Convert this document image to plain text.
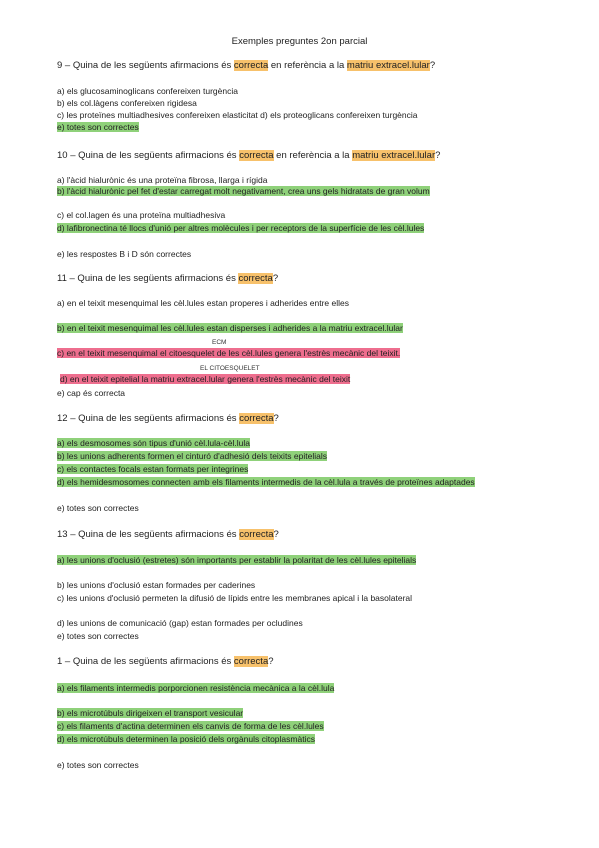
Exemples preguntes 2on parcial
9 – Quina de les següents afirmacions és correcta en referència a la matriu extracel.lular?
a) els glucosaminoglicans confereixen turgència
b) els col.làgens confereixen rigidesa
c) les proteïnes multiadhesives confereixen elasticitat d) els proteoglicans confereixen turgència
e) totes son correctes
10 – Quina de les següents afirmacions és correcta en referència a la matriu extracel.lular?
a) l'àcid hialurònic és una proteïna fibrosa, llarga i rígida
b) l'àcid hialurònic pel fet d'estar carregat molt negativament, crea uns gels hidratats de gran volum
c) el col.lagen és una proteïna multiadhesiva
d) lafibronectina té llocs d'unió per altres molècules i per receptors de la superfície de les cèl.lules
e) les respostes B i D són correctes
11 – Quina de les següents afirmacions és correcta?
a) en el teixit mesenquimal les cèl.lules estan properes i adherides entre elles
b) en el teixit mesenquimal les cèl.lules estan disperses i adherides a la matriu extracel.lular
ECM
c) en el teixit mesenquimal el citoesquelet de les cèl.lules genera l'estrès mecànic del teixit.
EL CITOESQUELET
d) en el teixit epitelial la matriu extracel.lular genera l'estrès mecànic del teixit
e) cap és correcta
12 – Quina de les següents afirmacions és correcta?
a) els desmosomes són tipus d'unió cèl.lula-cèl.lula
b) les unions adherents formen el cinturó d'adhesió dels teixits epitelials
c) els contactes focals estan formats per integrines
d) els hemidesmosomes connecten amb els filaments intermedis de la cèl.lula a través de proteïnes adaptades
e) totes son correctes
13 – Quina de les següents afirmacions és correcta?
a) les unions d'oclusió (estretes) són importants per establir la polaritat de les cèl.lules epitelials
b) les unions d'oclusió estan formades per caderines
c) les unions d'oclusió permeten la difusió de lípids entre les membranes apical i la basolateral
d) les unions de comunicació (gap) estan formades per ocludines
e) totes son correctes
1 – Quina de les següents afirmacions és correcta?
a) els filaments intermedis porporcionen resistència mecànica a la cèl.lula
b) els microtúbuls dirigeixen el transport vesicular
c) els filaments d'actina determinen els canvis de forma de les cèl.lules
d) els microtúbuls determinen la posició dels orgànuls citoplasmàtics
e) totes son correctes
